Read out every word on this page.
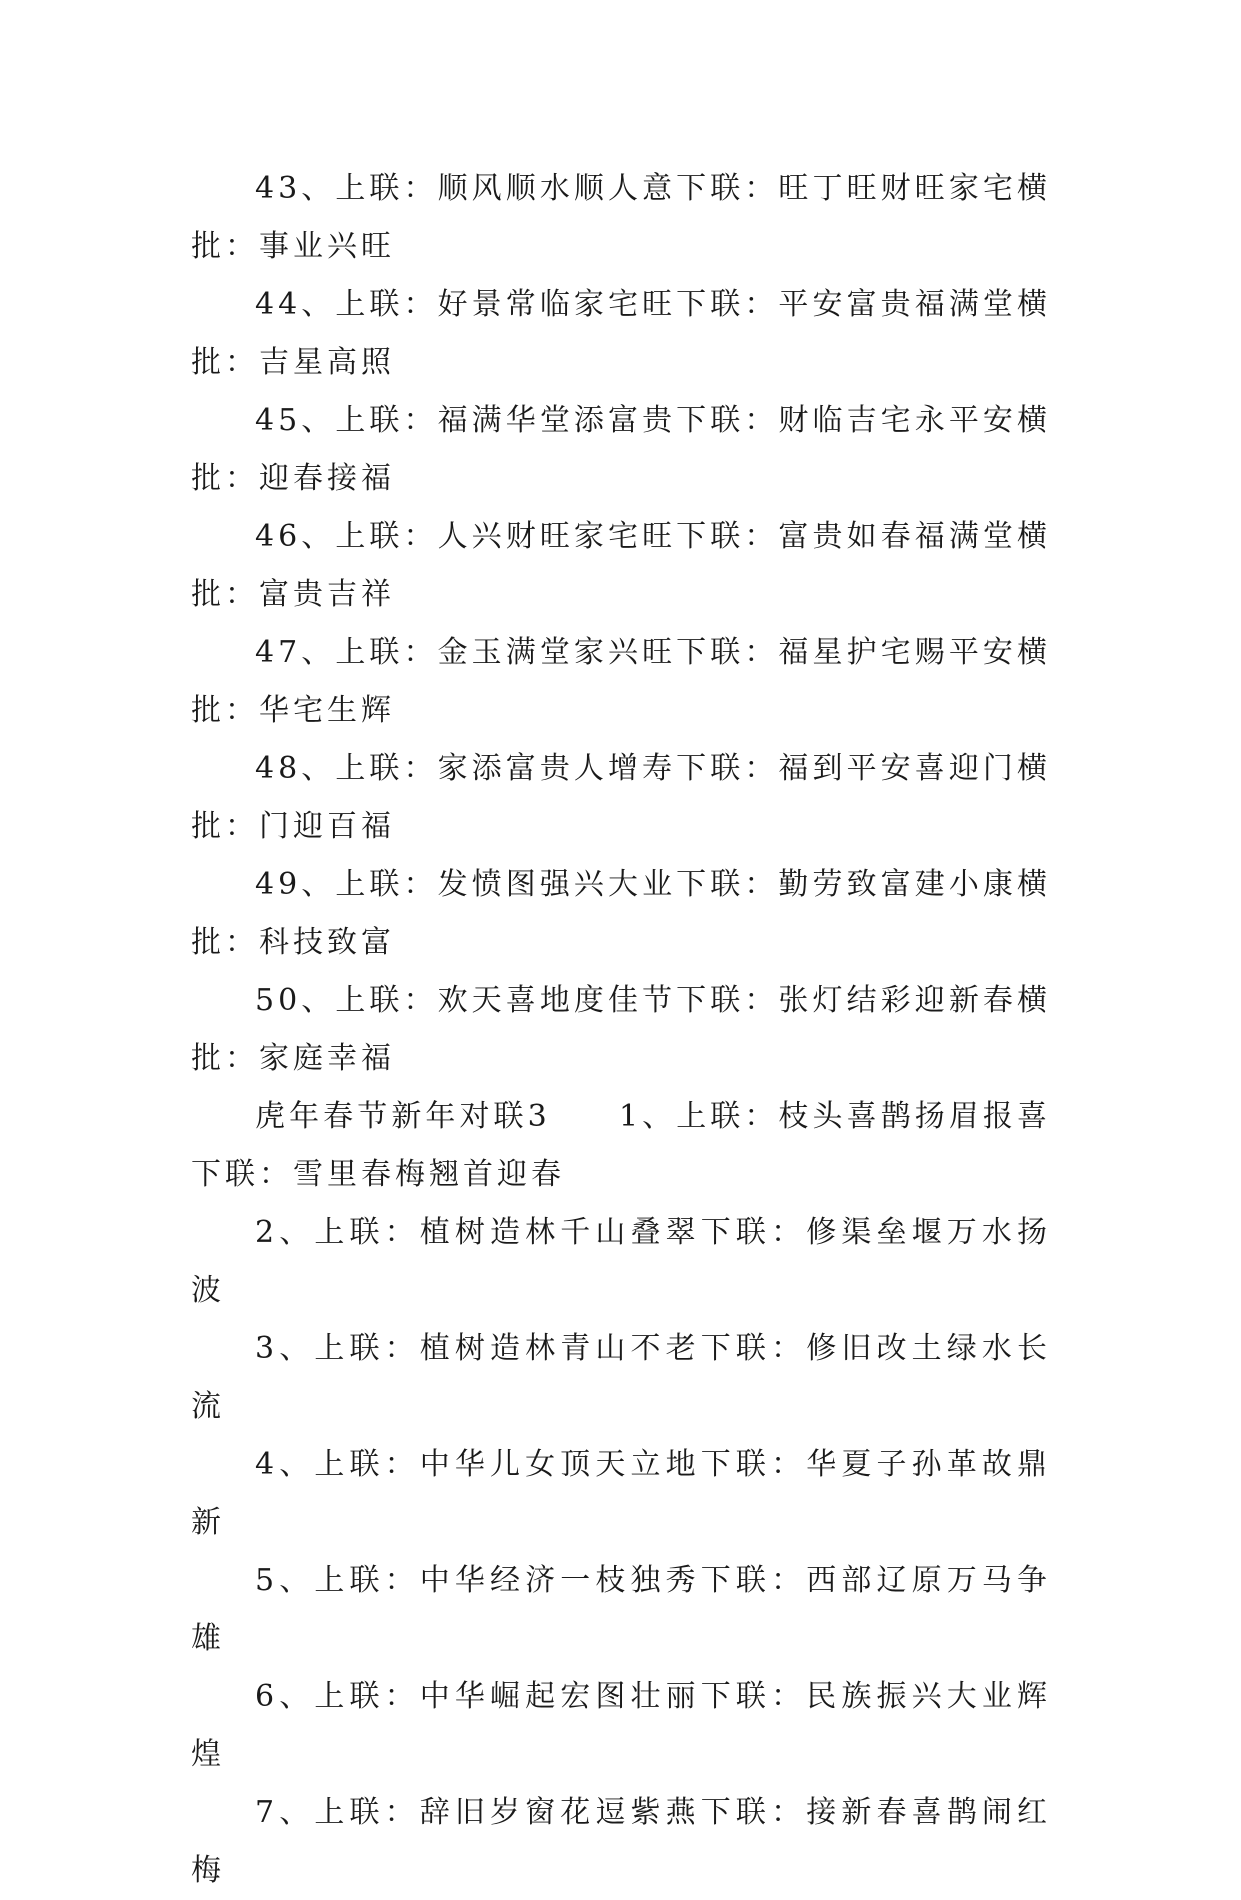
43、上联：顺风顺水顺人意下联：旺丁旺财旺家宅横批：事业兴旺

44、上联：好景常临家宅旺下联：平安富贵福满堂横批：吉星高照

45、上联：福满华堂添富贵下联：财临吉宅永平安横批：迎春接福

46、上联：人兴财旺家宅旺下联：富贵如春福满堂横批：富贵吉祥

47、上联：金玉满堂家兴旺下联：福星护宅赐平安横批：华宅生辉

48、上联：家添富贵人增寿下联：福到平安喜迎门横批：门迎百福

49、上联：发愤图强兴大业下联：勤劳致富建小康横批：科技致富

50、上联：欢天喜地度佳节下联：张灯结彩迎新春横批：家庭幸福

虎年春节新年对联3　　1、上联：枝头喜鹊扬眉报喜下联：雪里春梅翘首迎春

2、上联：植树造林千山叠翠下联：修渠垒堰万水扬波

3、上联：植树造林青山不老下联：修旧改土绿水长流

4、上联：中华儿女顶天立地下联：华夏子孙革故鼎新

5、上联：中华经济一枝独秀下联：西部辽原万马争雄

6、上联：中华崛起宏图壮丽下联：民族振兴大业辉煌

7、上联：辞旧岁窗花逗紫燕下联：接新春喜鹊闹红梅
